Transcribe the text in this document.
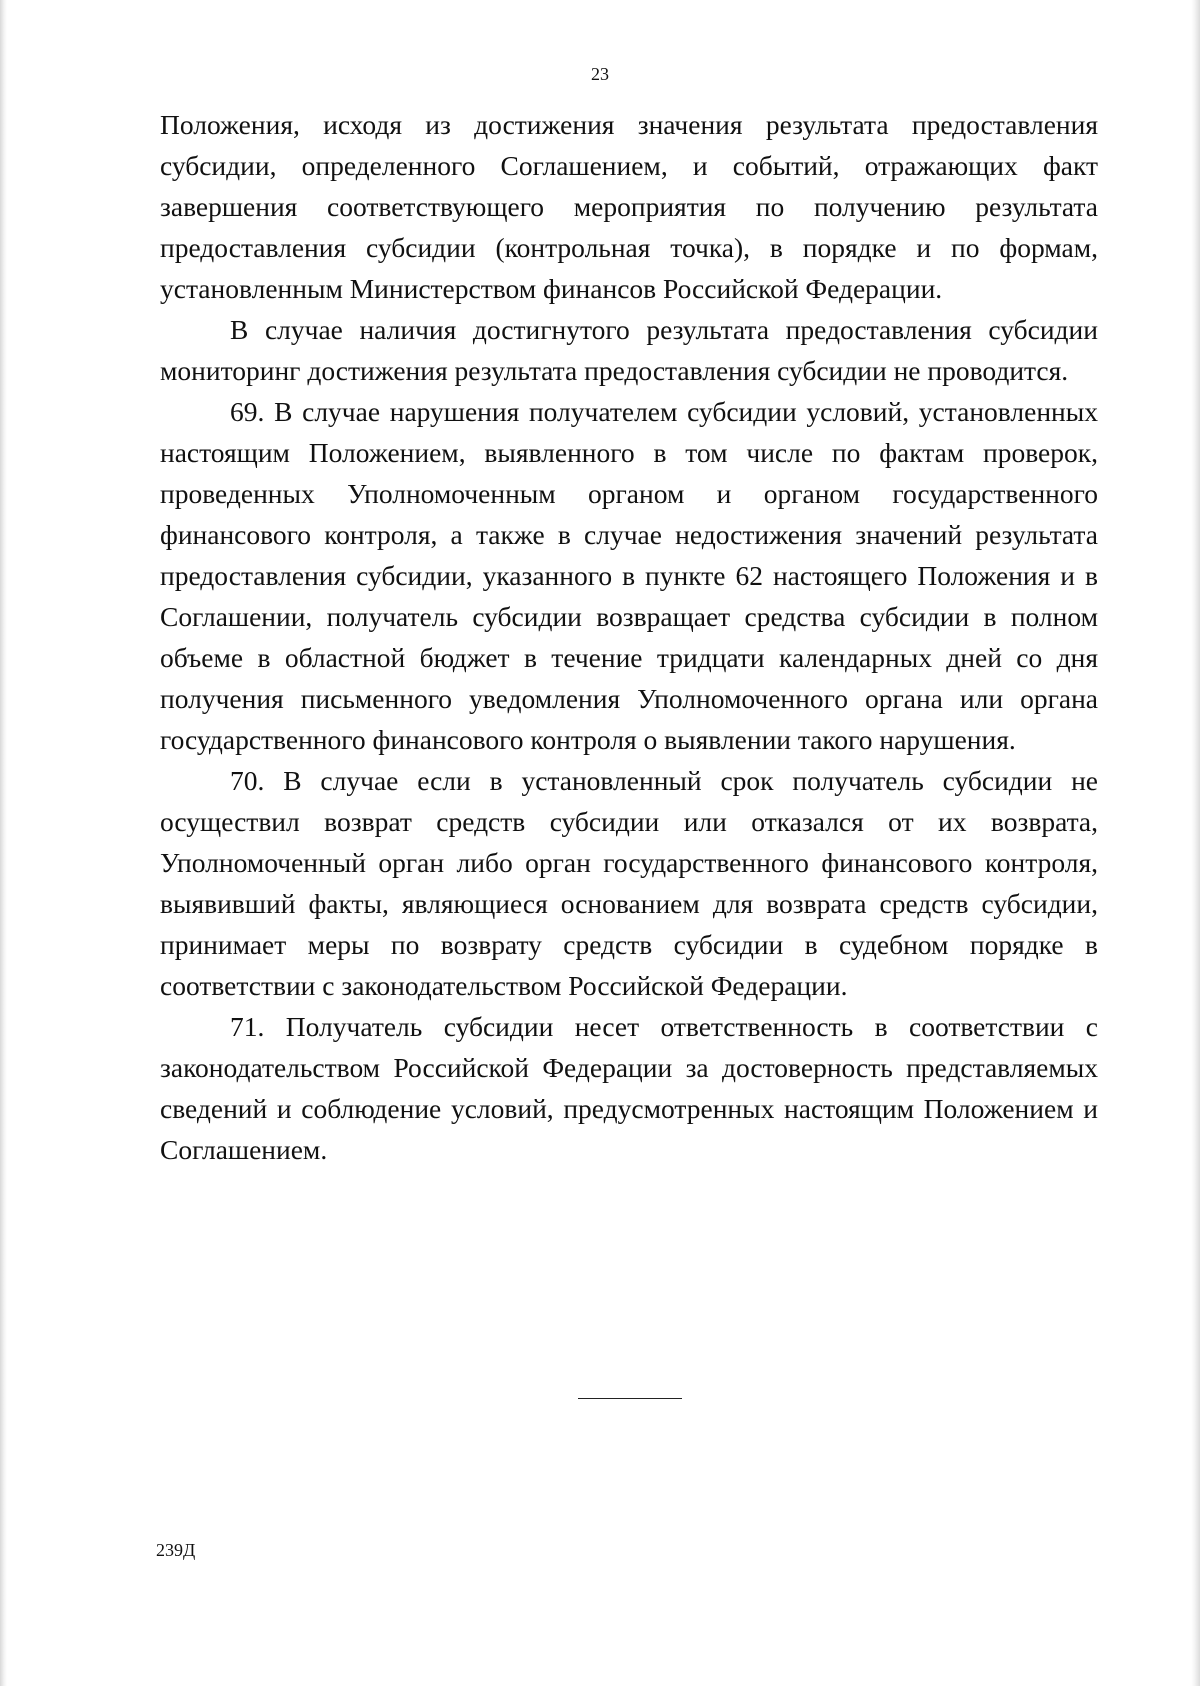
23

Положения, исходя из достижения значения результата предоставления субсидии, определенного Соглашением, и событий, отражающих факт завершения соответствующего мероприятия по получению результата предоставления субсидии (контрольная точка), в порядке и по формам, установленным Министерством финансов Российской Федерации.

В случае наличия достигнутого результата предоставления субсидии мониторинг достижения результата предоставления субсидии не проводится.

69. В случае нарушения получателем субсидии условий, установленных настоящим Положением, выявленного в том числе по фактам проверок, проведенных Уполномоченным органом и органом государственного финансового контроля, а также в случае недостижения значений результата предоставления субсидии, указанного в пункте 62 настоящего Положения и в Соглашении, получатель субсидии возвращает средства субсидии в полном объеме в областной бюджет в течение тридцати календарных дней со дня получения письменного уведомления Уполномоченного органа или органа государственного финансового контроля о выявлении такого нарушения.

70. В случае если в установленный срок получатель субсидии не осуществил возврат средств субсидии или отказался от их возврата, Уполномоченный орган либо орган государственного финансового контроля, выявивший факты, являющиеся основанием для возврата средств субсидии, принимает меры по возврату средств субсидии в судебном порядке в соответствии с законодательством Российской Федерации.

71. Получатель субсидии несет ответственность в соответствии с законодательством Российской Федерации за достоверность представляемых сведений и соблюдение условий, предусмотренных настоящим Положением и Соглашением.

239Д
